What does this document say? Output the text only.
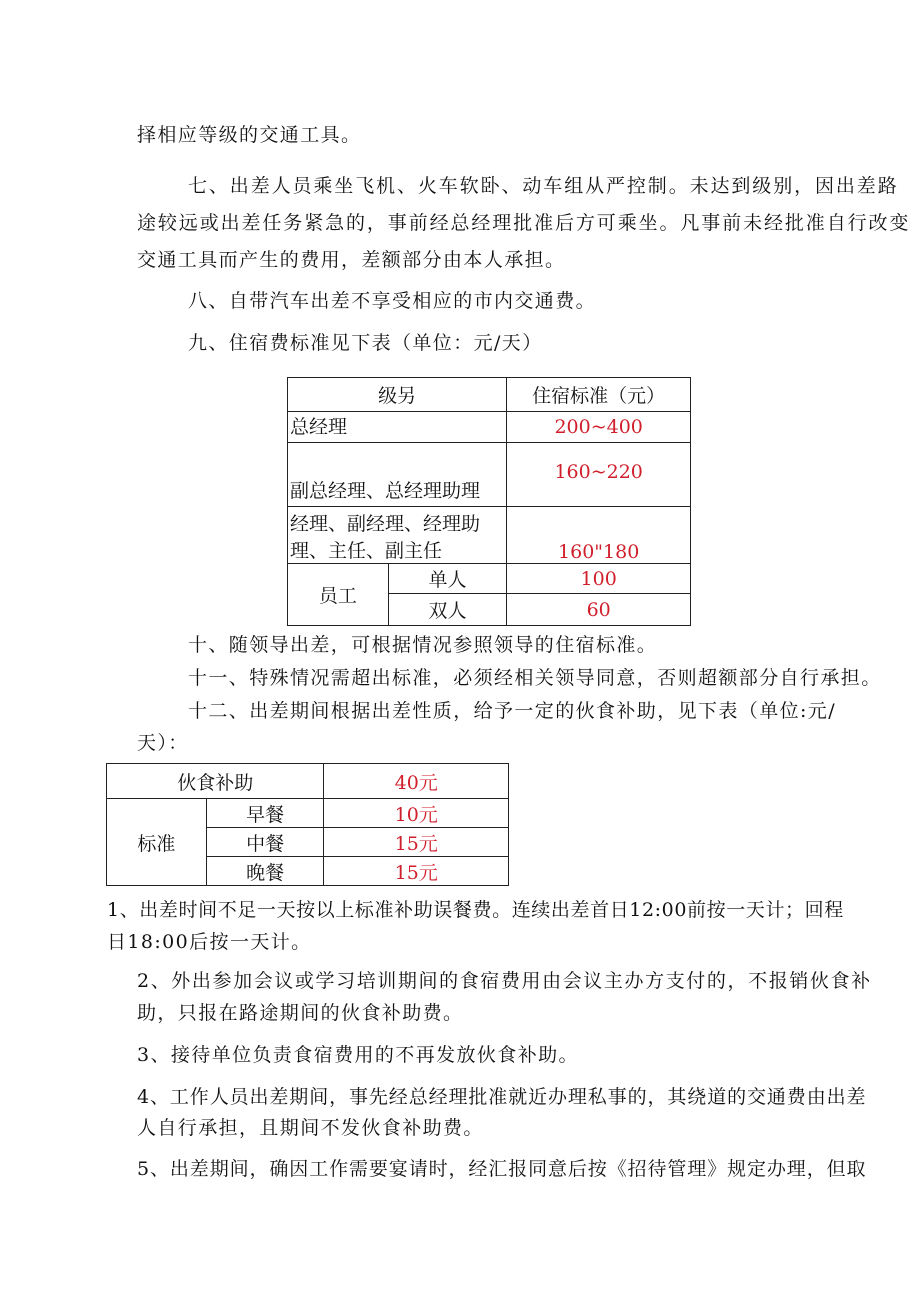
择相应等级的交通工具。
七、出差人员乘坐飞机、火车软卧、动车组从严控制。未达到级别，因出差路
途较远或出差任务紧急的，事前经总经理批准后方可乘坐。凡事前未经批准自行改变
交通工具而产生的费用，差额部分由本人承担。
八、自带汽车出差不享受相应的市内交通费。
九、住宿费标准见下表（单位：元/天）
级另		住宿标准（元）
总经理		200~400
副总经理、总经理助理		160~220

经理、副经理、经理助
理、主任、副主任		160"180
员工	单人	100
	双人	60
十、随领导出差，可根据情况参照领导的住宿标准。
十一、特殊情况需超出标准，必须经相关领导同意，否则超额部分自行承担。
十二、出差期间根据出差性质，给予一定的伙食补助，见下表（单位:元/
天）：
伙食补助		40元
标准	早餐	10元
	中餐	15元
	晚餐	15元
1、出差时间不足一天按以上标准补助误餐费。连续出差首日12:00前按一天计；回程
日18:00后按一天计。
2、外出参加会议或学习培训期间的食宿费用由会议主办方支付的，不报销伙食补
助，只报在路途期间的伙食补助费。
3、接待单位负责食宿费用的不再发放伙食补助。
4、工作人员出差期间，事先经总经理批准就近办理私事的，其绕道的交通费由出差
人自行承担，且期间不发伙食补助费。
5、出差期间，确因工作需要宴请时，经汇报同意后按《招待管理》规定办理，但取
